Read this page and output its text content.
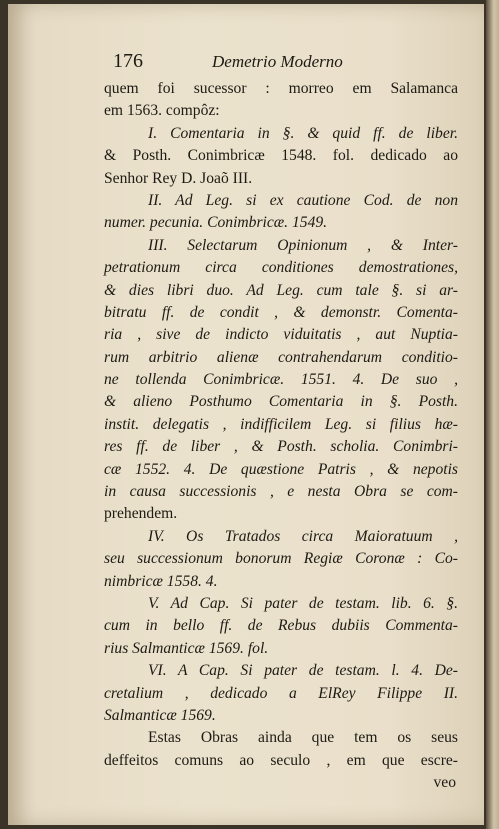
176	Demetrio Moderno
quem foi sucessor : morreo em Salamanca
em 1563. compôz:
I. Comentaria in §. & quid ff. de liber.
& Posth. Conimbricæ 1548. fol. dedicado ao
Senhor Rey D. Joaõ III.
II. Ad Leg. si ex cautione Cod. de non
numer. pecunia. Conimbricæ. 1549.
III. Selectarum Opinionum , & Inter-
petrationum circa conditiones demostrationes,
& dies libri duo. Ad Leg. cum tale §. si ar-
bitratu ff. de condit , & demonstr. Comenta-
ria , sive de indicto viduitatis , aut Nuptia-
rum arbitrio alienæ contrahendarum conditio-
ne tollenda Conimbricæ. 1551. 4. De suo ,
& alieno Posthumo Comentaria in §. Posth.
instit. delegatis , indifficilem Leg. si filius hæ-
res ff. de liber , & Posth. scholia. Conimbri-
cæ 1552. 4. De quæstione Patris , & nepotis
in causa successionis , e nesta Obra se com-
prehendem.
IV. Os Tratados circa Maioratuum ,
seu successionum bonorum Regiæ Coronæ : Co-
nimbricæ 1558. 4.
V. Ad Cap. Si pater de testam. lib. 6. §.
cum in bello ff. de Rebus dubiis Commenta-
rius Salmanticæ 1569. fol.
VI. A Cap. Si pater de testam. l. 4. De-
cretalium , dedicado a ElRey Filippe II.
Salmanticæ 1569.
Estas Obras ainda que tem os seus
deffeitos comuns ao seculo , em que escre-
veo
